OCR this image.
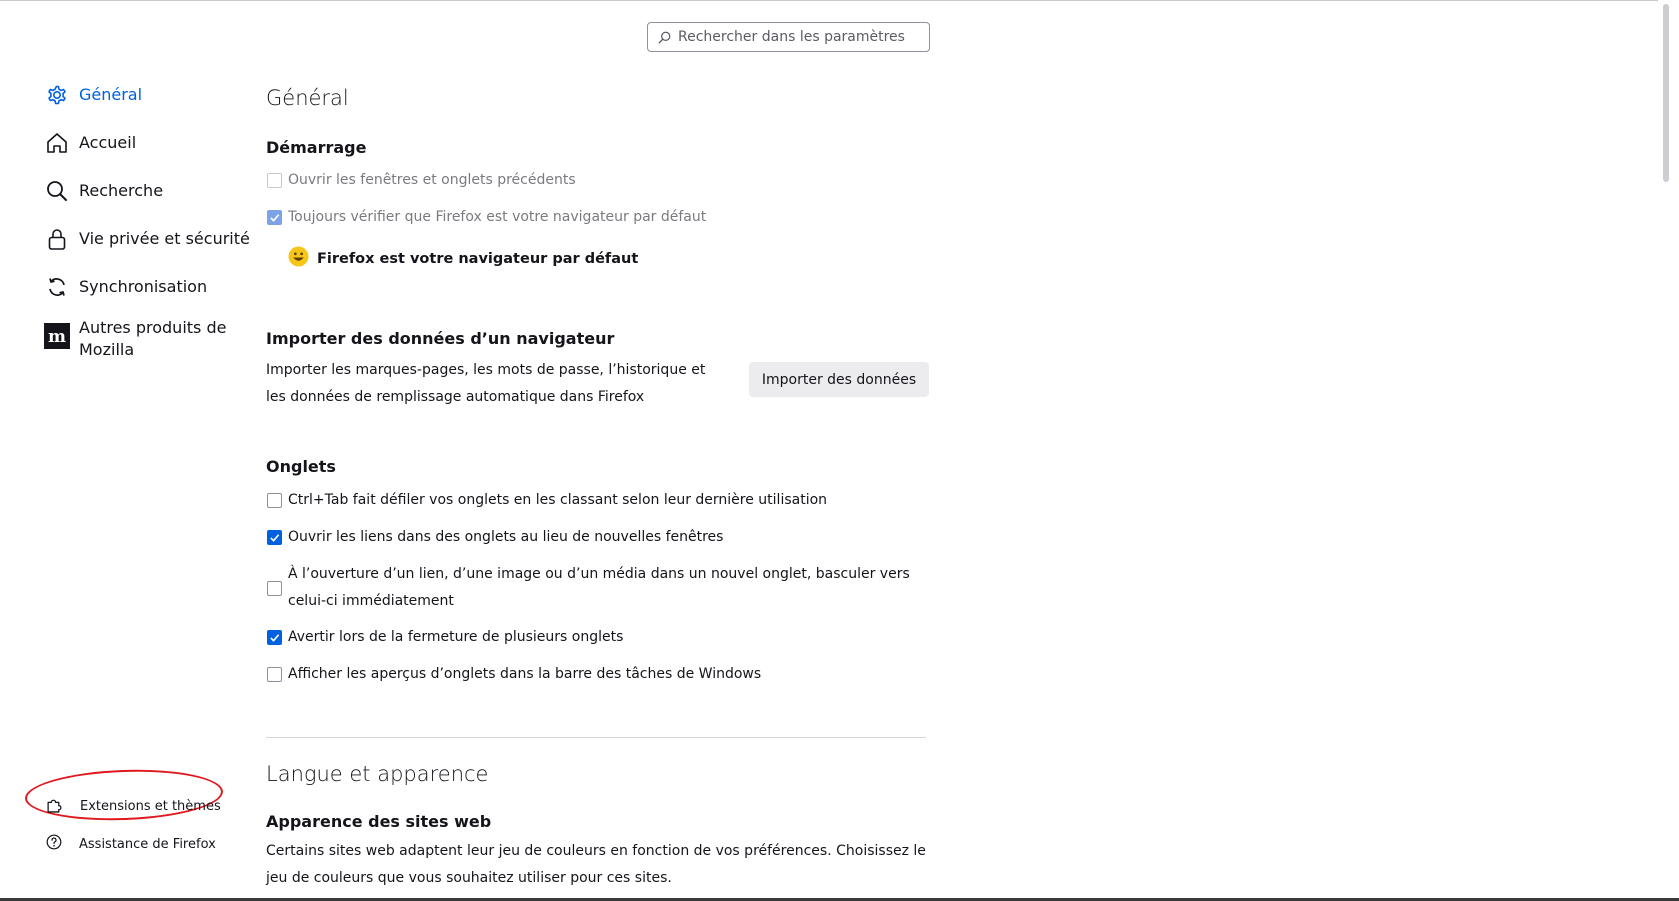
Rechercher dans les paramètres
Général
Accueil
Recherche
Vie privée et sécurité
Synchronisation
m Autres produits de Mozilla
Extensions et thèmes
Assistance de Firefox
Général
Démarrage
Ouvrir les fenêtres et onglets précédents
Toujours vérifier que Firefox est votre navigateur par défaut
Firefox est votre navigateur par défaut
Importer des données d’un navigateur
Importer les marques-pages, les mots de passe, l’historique et les données de remplissage automatique dans Firefox
Importer des données
Onglets
Ctrl+Tab fait défiler vos onglets en les classant selon leur dernière utilisation
Ouvrir les liens dans des onglets au lieu de nouvelles fenêtres
À l’ouverture d’un lien, d’une image ou d’un média dans un nouvel onglet, basculer vers celui-ci immédiatement
Avertir lors de la fermeture de plusieurs onglets
Afficher les aperçus d’onglets dans la barre des tâches de Windows
Langue et apparence
Apparence des sites web
Certains sites web adaptent leur jeu de couleurs en fonction de vos préférences. Choisissez le jeu de couleurs que vous souhaitez utiliser pour ces sites.
